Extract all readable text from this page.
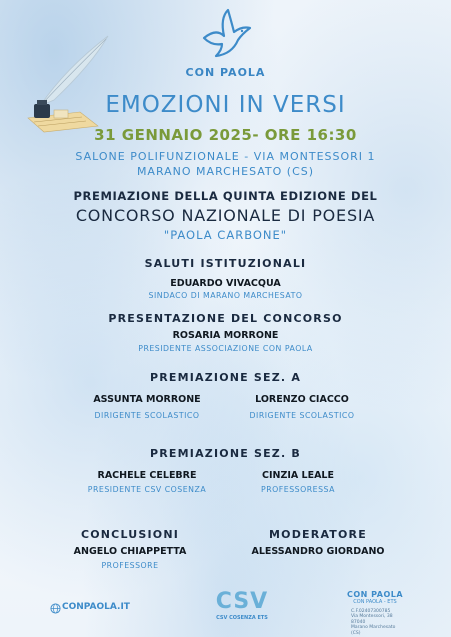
CON PAOLA
EMOZIONI IN VERSI
31 GENNAIO 2025- ORE 16:30
SALONE POLIFUNZIONALE - VIA MONTESSORI 1
MARANO MARCHESATO (CS)
PREMIAZIONE DELLA QUINTA EDIZIONE DEL
CONCORSO NAZIONALE DI POESIA
"PAOLA CARBONE"
SALUTI ISTITUZIONALI
EDUARDO VIVACQUA
SINDACO DI MARANO MARCHESATO
PRESENTAZIONE DEL CONCORSO
ROSARIA MORRONE
PRESIDENTE ASSOCIAZIONE CON PAOLA
PREMIAZIONE SEZ. A
ASSUNTA MORRONE
DIRIGENTE SCOLASTICO
LORENZO CIACCO
DIRIGENTE SCOLASTICO
PREMIAZIONE SEZ. B
RACHELE CELEBRE
PRESIDENTE CSV COSENZA
CINZIA LEALE
PROFESSORESSA
CONCLUSIONI
ANGELO CHIAPPETTA
PROFESSORE
MODERATORE
ALESSANDRO GIORDANO
CONPAOLA.IT	CSV
CSV COSENZA ETS
CON PAOLA
CON PAOLA - ETS
C.F.02407300785
Via Montessori, 38 87040
Marano Marchesato (CS)
